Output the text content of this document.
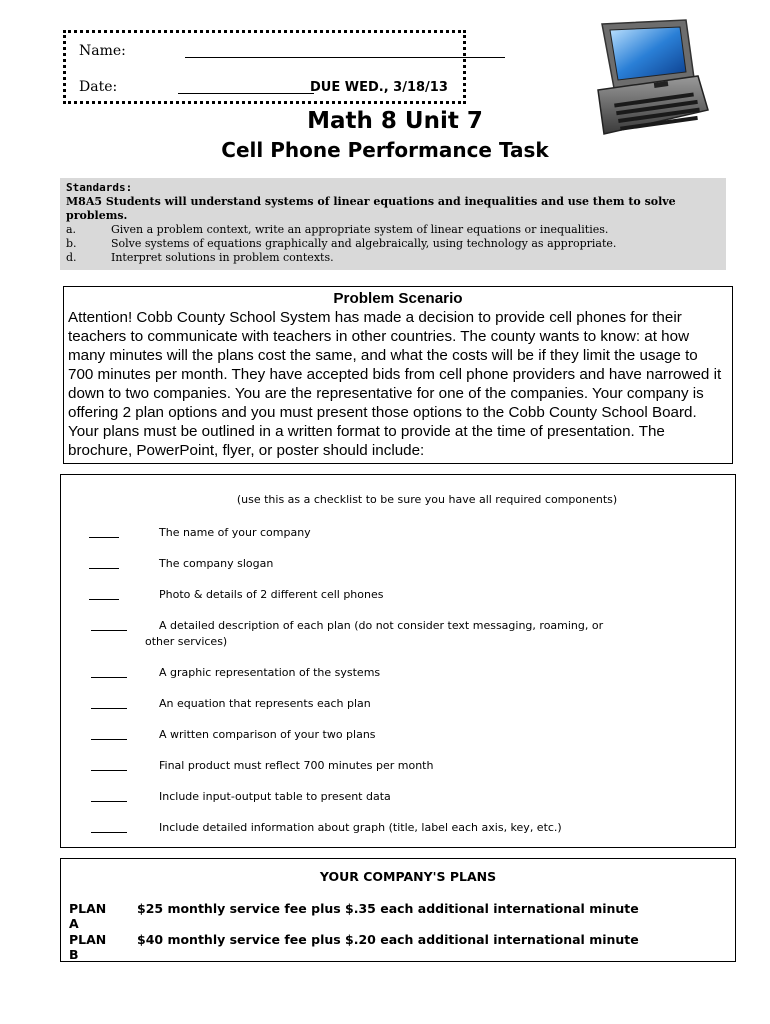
Name:
Date:	DUE WED., 3/18/13
Math 8 Unit 7
Cell Phone Performance Task
Standards:
M8A5 Students will understand systems of linear equations and inequalities and use them to solve problems.
a.	Given a problem context, write an appropriate system of linear equations or inequalities.
b.	Solve systems of equations graphically and algebraically, using technology as appropriate.
d.	Interpret solutions in problem contexts.
Problem Scenario
Attention! Cobb County School System has made a decision to provide cell phones for their
teachers to communicate with teachers in other countries. The county wants to know: at how
many minutes will the plans cost the same, and what the costs will be if they limit the usage to
700 minutes per month. They have accepted bids from cell phone providers and have narrowed it
down to two companies. You are the representative for one of the companies. Your company is
offering 2 plan options and you must present those options to the Cobb County School Board.
Your plans must be outlined in a written format to provide at the time of presentation. The
brochure, PowerPoint, flyer, or poster should include:
(use this as a checklist to be sure you have all required components)
The name of your company
The company slogan
Photo & details of 2 different cell phones
A detailed description of each plan (do not consider text messaging, roaming, or
other services)
A graphic representation of the systems
An equation that represents each plan
A written comparison of your two plans
Final product must reflect 700 minutes per month
Include input-output table to present data
Include detailed information about graph (title, label each axis, key, etc.)
YOUR COMPANY'S PLANS
PLAN A
$25 monthly service fee plus $.35 each additional international minute
PLAN B
$40 monthly service fee plus $.20 each additional international minute
